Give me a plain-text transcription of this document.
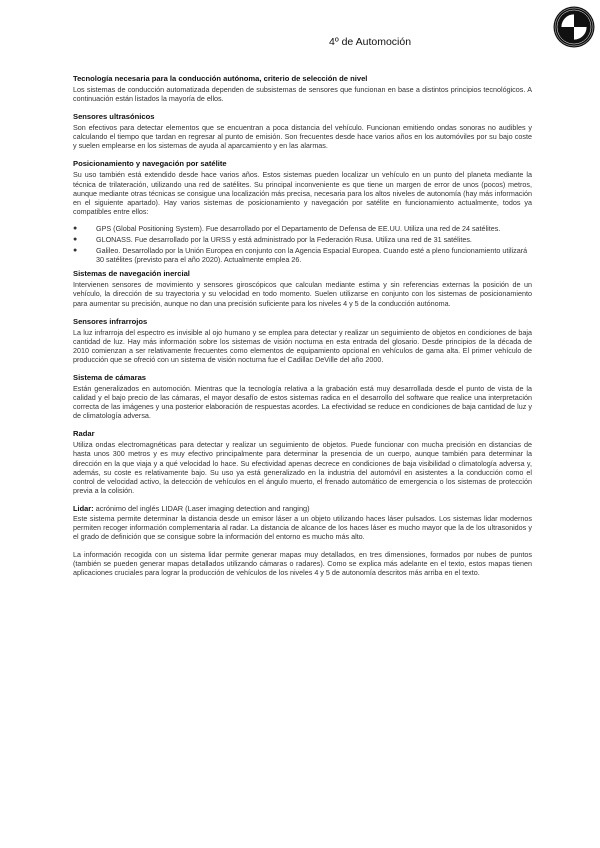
4º de Automoción
Tecnología necesaria para la conducción autónoma, criterio de selección de nivel

Los sistemas de conducción automatizada dependen de subsistemas de sensores que funcionan en base a distintos principios tecnológicos. A continuación están listados la mayoría de ellos.

Sensores ultrasónicos

Son efectivos para detectar elementos que se encuentran a poca distancia del vehículo. Funcionan emitiendo ondas sonoras no audibles y calculando el tiempo que tardan en regresar al punto de emisión. Son frecuentes desde hace varios años en los automóviles por su bajo coste y suelen emplearse en los sistemas de ayuda al aparcamiento y en las alarmas.

Posicionamiento y navegación por satélite

Su uso también está extendido desde hace varios años. Estos sistemas pueden localizar un vehículo en un punto del planeta mediante la técnica de trilateración, utilizando una red de satélites. Su principal inconveniente es que tiene un margen de error de unos (pocos) metros, aunque mediante otras técnicas se consigue una localización más precisa, necesaria para los altos niveles de autonomía (hay más información en el siguiente apartado). Hay varios sistemas de posicionamiento y navegación por satélite en funcionamiento actualmente, todos ya compatibles entre ellos:

●	GPS (Global Positioning System). Fue desarrollado por el Departamento de Defensa de EE.UU. Utiliza una red de 24 satélites.
●	GLONASS. Fue desarrollado por la URSS y está administrado por la Federación Rusa. Utiliza una red de 31 satélites.
●	Galileo. Desarrollado por la Unión Europea en conjunto con la Agencia Espacial Europea. Cuando esté a pleno funcionamiento utilizará 30 satélites (previsto para el año 2020). Actualmente emplea 26.
Sistemas de navegación inercial

Intervienen sensores de movimiento y sensores giroscópicos que calculan mediante estima y sin referencias externas la posición de un vehículo, la dirección de su trayectoria y su velocidad en todo momento. Suelen utilizarse en conjunto con los sistemas de posicionamiento para aumentar su precisión, aunque no dan una precisión suficiente para los niveles 4 y 5 de la conducción autónoma.

Sensores infrarrojos

La luz infrarroja del espectro es invisible al ojo humano y se emplea para detectar y realizar un seguimiento de objetos en condiciones de baja cantidad de luz. Hay más información sobre los sistemas de visión nocturna en esta entrada del glosario. Desde principios de la década de 2010 comienzan a ser relativamente frecuentes como elementos de equipamiento opcional en vehículos de gama alta. El primer vehículo de producción que se ofreció con un sistema de visión nocturna fue el Cadillac DeVille del año 2000.

Sistema de cámaras

Están generalizados en automoción. Mientras que la tecnología relativa a la grabación está muy desarrollada desde el punto de vista de la calidad y el bajo precio de las cámaras, el mayor desafío de estos sistemas radica en el desarrollo del software que realice una interpretación correcta de las imágenes y una posterior elaboración de respuestas acordes. La efectividad se reduce en condiciones de baja cantidad de luz y de climatología adversa.

Radar

Utiliza ondas electromagnéticas para detectar y realizar un seguimiento de objetos. Puede funcionar con mucha precisión en distancias de hasta unos 300 metros y es muy efectivo principalmente para determinar la presencia de un cuerpo, aunque también para determinar la dirección en la que viaja y a qué velocidad lo hace. Su efectividad apenas decrece en condiciones de baja visibilidad o climatología adversa y, además, su coste es relativamente bajo. Su uso ya está generalizado en la industria del automóvil en asistentes a la conducción como el control de velocidad activo, la detección de vehículos en el ángulo muerto, el frenado automático de emergencia o los sistemas de protección previa a la colisión.

Lidar: acrónimo del inglés LIDAR (Laser imaging detection and ranging)

Este sistema permite determinar la distancia desde un emisor láser a un objeto utilizando haces láser pulsados. Los sistemas lidar modernos permiten recoger información complementaria al radar. La distancia de alcance de los haces láser es mucho mayor que la de los ultrasonidos y el grado de definición que se consigue sobre la información del entorno es mucho más alto.

La información recogida con un sistema lidar permite generar mapas muy detallados, en tres dimensiones, formados por nubes de puntos (también se pueden generar mapas detallados utilizando cámaras o radares). Como se explica más adelante en el texto, estos mapas tienen aplicaciones cruciales para lograr la producción de vehículos de los niveles 4 y 5 de autonomía descritos más arriba en el texto.
